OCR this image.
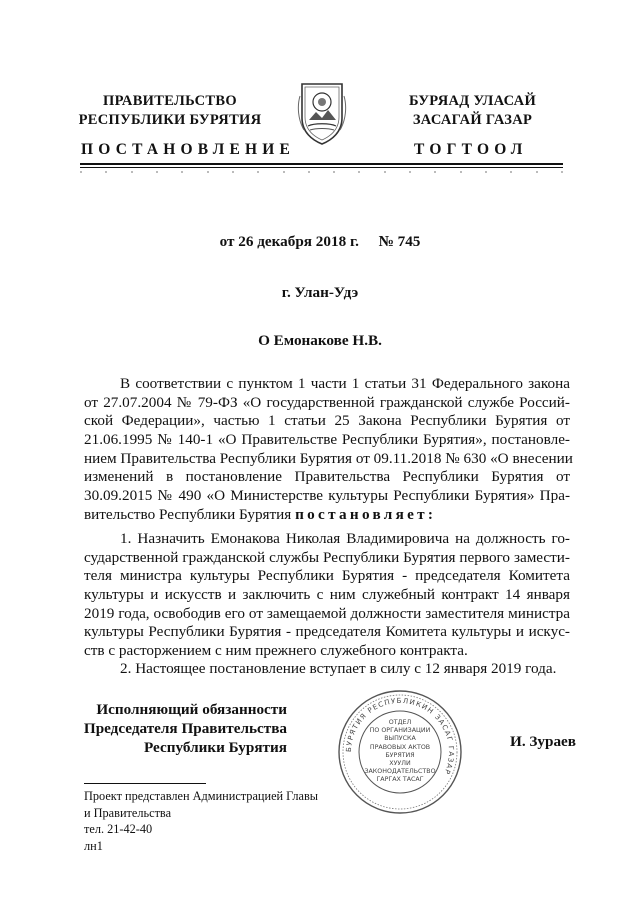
ПРАВИТЕЛЬСТВО
РЕСПУБЛИКИ БУРЯТИЯ
БУРЯАД УЛАСАЙ
ЗАСАГАЙ ГАЗАР
ПОСТАНОВЛЕНИЕ	ТОГТООЛ
от 26 декабря 2018 г. № 745
г. Улан-Удэ
О Емонакове Н.В.
В соответствии с пунктом 1 части 1 статьи 31 Федерального закона
от 27.07.2004 № 79-ФЗ «О государственной гражданской службе Россий-
ской Федерации», частью 1 статьи 25 Закона Республики Бурятия от
21.06.1995 № 140-1 «О Правительстве Республики Бурятия», постановле-
нием Правительства Республики Бурятия от 09.11.2018 № 630 «О внесении
изменений в постановление Правительства Республики Бурятия от
30.09.2015 № 490 «О Министерстве культуры Республики Бурятия» Пра-
вительство Республики Бурятия постановляет:
1. Назначить Емонакова Николая Владимировича на должность го-
сударственной гражданской службы Республики Бурятия первого замести-
теля министра культуры Республики Бурятия - председателя Комитета
культуры и искусств и заключить с ним служебный контракт 14 января
2019 года, освободив его от замещаемой должности заместителя министра
культуры Республики Бурятия - председателя Комитета культуры и искус-
ств с расторжением с ним прежнего служебного контракта.
2. Настоящее постановление вступает в силу с 12 января 2019 года.
Исполняющий обязанности
Председателя Правительства
Республики Бурятия	И. Зураев
БУРЯТИЯ РЕСПУБЛИКИН ЗАСАГ ГАЗАР
ОТДЕЛ
ПО ОРГАНИЗАЦИИ
ВЫПУСКА
ПРАВОВЫХ АКТОВ
БУРЯТИЯ
ХУУЛИ ЗАКОНОДАТЕЛЬСТВО
ГАРГАХ ТАСАГ
Проект представлен Администрацией Главы
и Правительства
тел. 21-42-40
лн1
